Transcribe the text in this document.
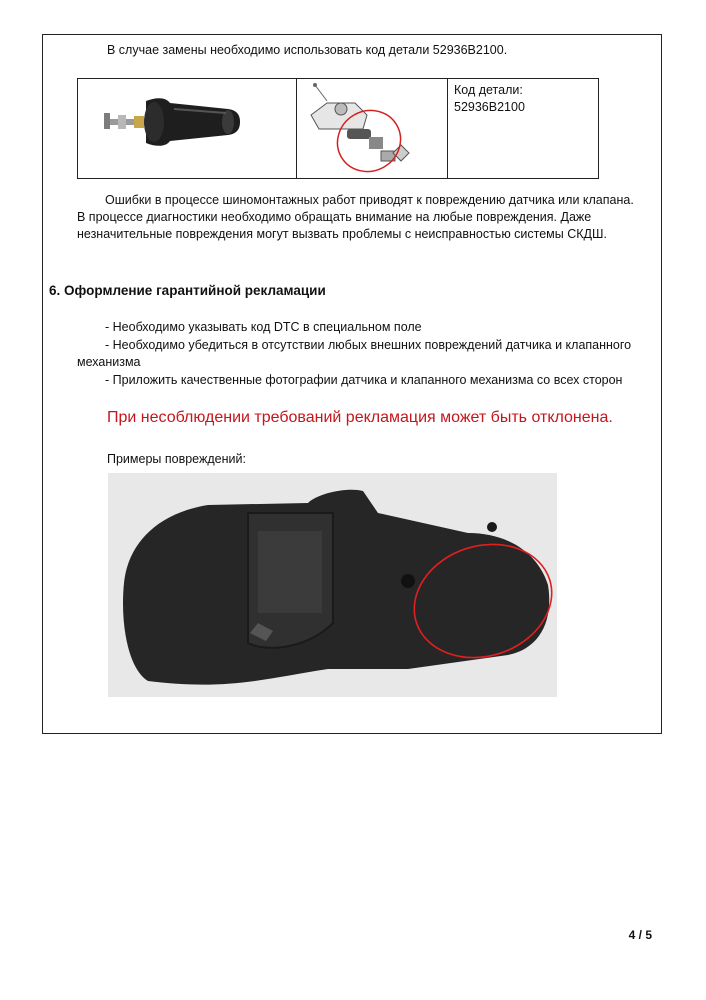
В случае замены необходимо использовать код детали 52936B2100.

Код детали:
52936B2100

Ошибки в процессе шиномонтажных работ приводят к повреждению датчика или клапана. В процессе диагностики необходимо обращать внимание на любые повреждения. Даже незначительные повреждения могут вызвать проблемы с неисправностью системы СКДШ.

6. Оформление гарантийной рекламации

- Необходимо указывать код DTC в специальном поле
- Необходимо убедиться в отсутствии любых внешних повреждений датчика и клапанного механизма
- Приложить качественные фотографии датчика и клапанного механизма со всех сторон

При несоблюдении требований рекламация может быть отклонена.

Примеры повреждений:

4 / 5
